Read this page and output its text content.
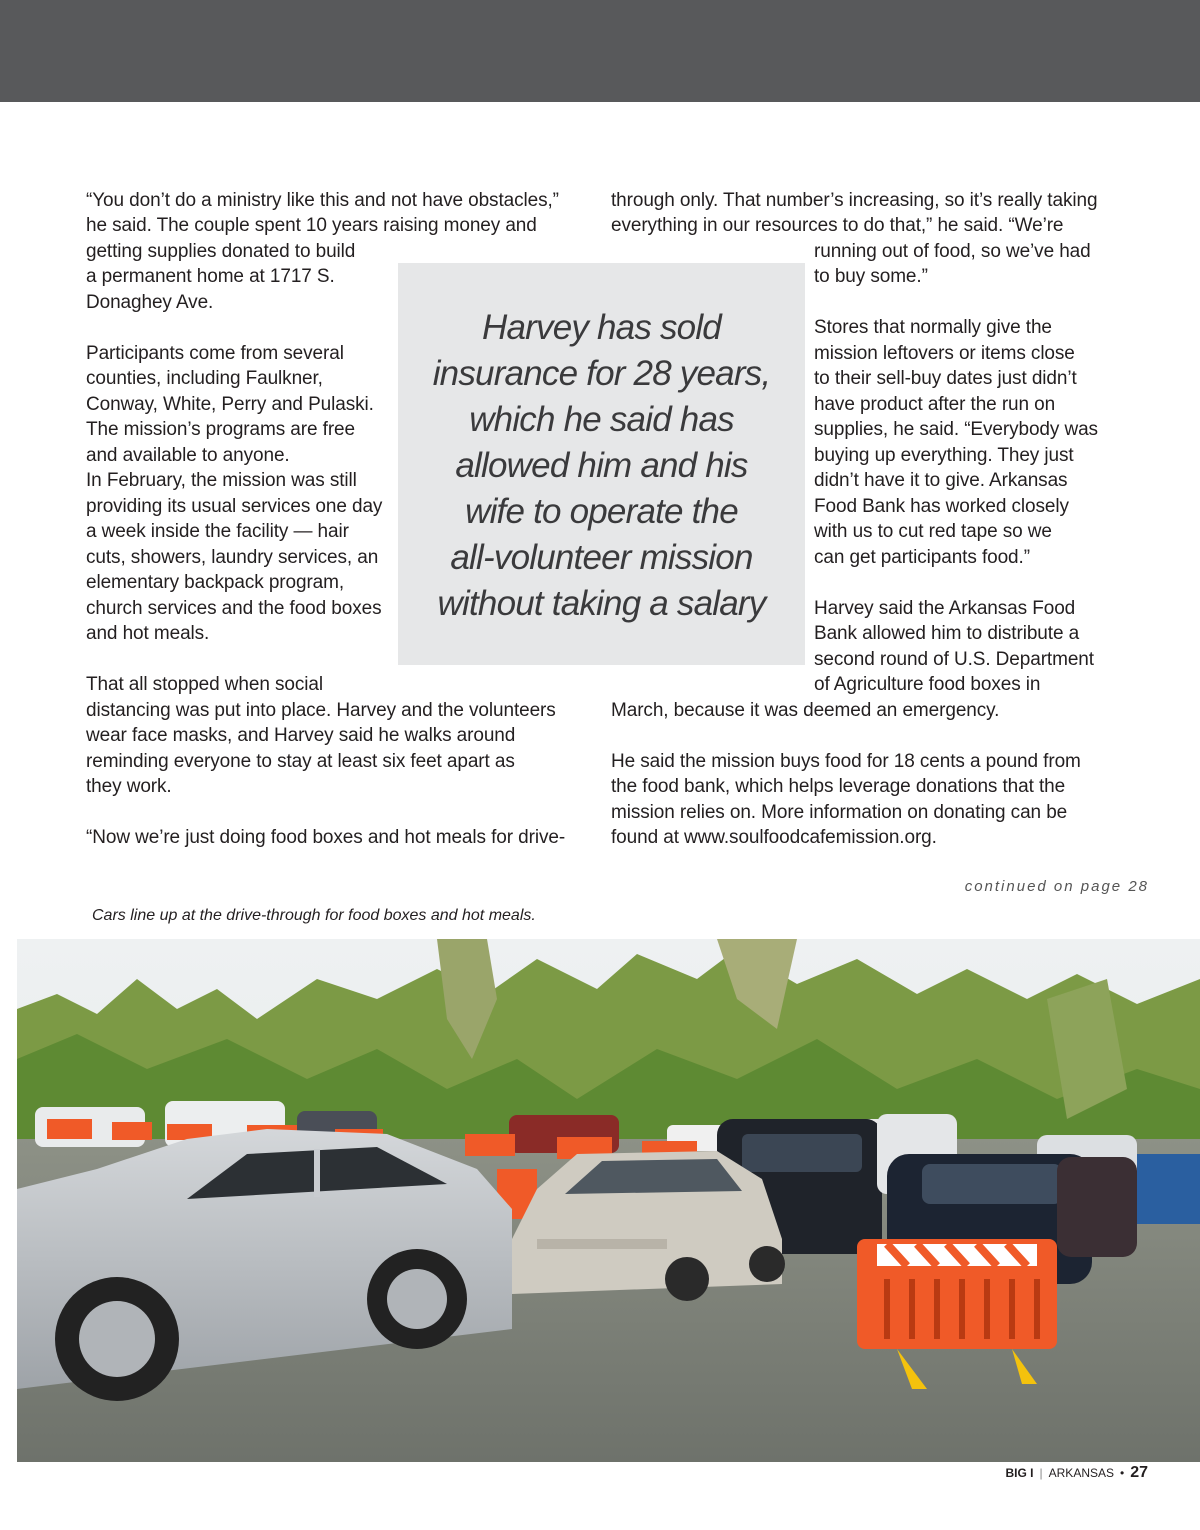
“You don’t do a ministry like this and not have obstacles,”
he said. The couple spent 10 years raising money and
getting supplies donated to build
a permanent home at 1717 S.
Donaghey Ave.
Participants come from several
counties, including Faulkner,
Conway, White, Perry and Pulaski.
The mission’s programs are free
and available to anyone.
In February, the mission was still
providing its usual services one day
a week inside the facility — hair
cuts, showers, laundry services, an
elementary backpack program,
church services and the food boxes
and hot meals.
That all stopped when social
distancing was put into place. Harvey and the volunteers
wear face masks, and Harvey said he walks around
reminding everyone to stay at least six feet apart as
they work.
“Now we’re just doing food boxes and hot meals for drive-
through only. That number’s increasing, so it’s really taking
everything in our resources to do that,” he said. “We’re
running out of food, so we’ve had
to buy some.”
Stores that normally give the
mission leftovers or items close
to their sell-buy dates just didn’t
have product after the run on
supplies, he said. “Everybody was
buying up everything. They just
didn’t have it to give. Arkansas
Food Bank has worked closely
with us to cut red tape so we
can get participants food.”
Harvey said the Arkansas Food
Bank allowed him to distribute a
second round of U.S. Department
of Agriculture food boxes in
March, because it was deemed an emergency.
He said the mission buys food for 18 cents a pound from
the food bank, which helps leverage donations that the
mission relies on. More information on donating can be
found at www.soulfoodcafemission.org.
Harvey has sold
insurance for 28 years,
which he said has
allowed him and his
wife to operate the
all-volunteer mission
without taking a salary
continued on page 28
Cars line up at the drive-through for food boxes and hot meals.
BIG I | ARKANSAS • 27
